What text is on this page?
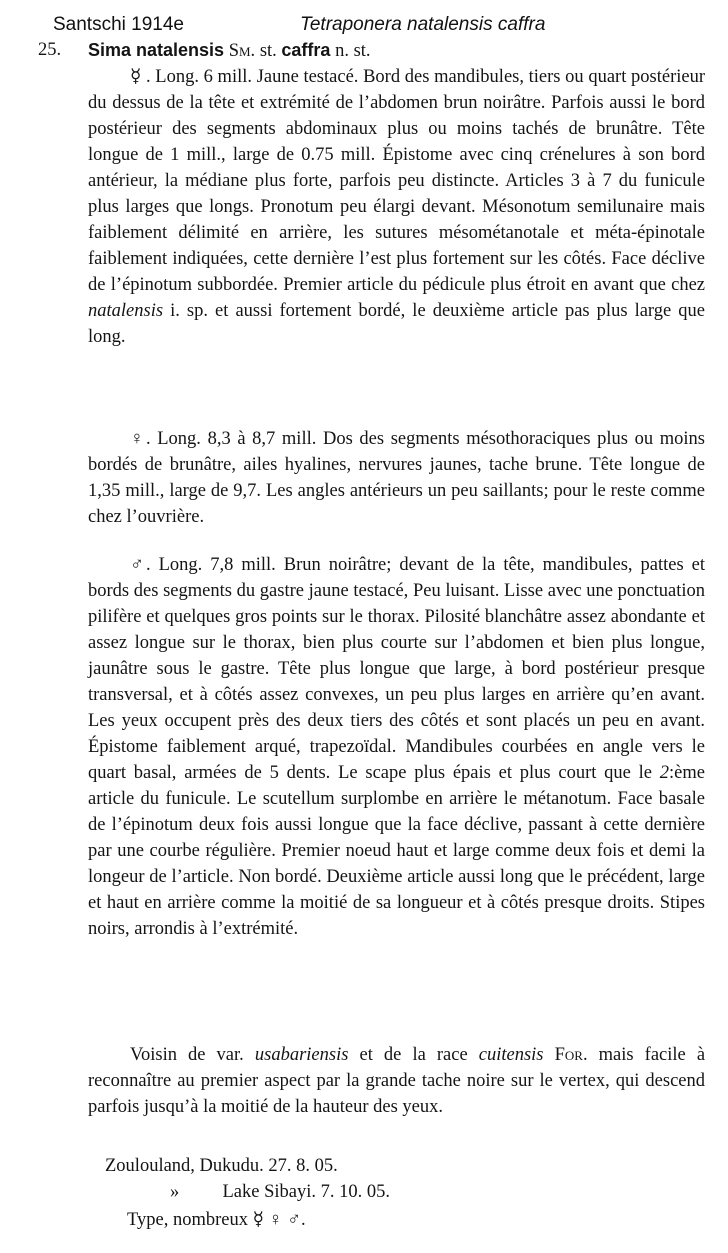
Santschi 1914e	Tetraponera natalensis caffra
25. Sima natalensis Sm. st. caffra n. st.
☿ . Long. 6 mill. Jaune testacé. Bord des mandibules, tiers ou quart postérieur du dessus de la tête et extrémité de l’abdomen brun noirâtre. Parfois aussi le bord postérieur des segments abdominaux plus ou moins tachés de brunâtre. Tête longue de 1 mill., large de 0.75 mill. Épistome avec cinq crénelures à son bord antérieur, la médiane plus forte, parfois peu distincte. Articles 3 à 7 du funicule plus larges que longs. Pronotum peu élargi devant. Mésonotum semilunaire mais faiblement délimité en arrière, les sutures mésométanotale et méta-épinotale faiblement indiquées, cette dernière l’est plus fortement sur les côtés. Face déclive de l’épinotum subbordée. Premier article du pédicule plus étroit en avant que chez natalensis i. sp. et aussi fortement bordé, le deuxième article pas plus large que long.
♀ . Long. 8,3 à 8,7 mill. Dos des segments mésothoraciques plus ou moins bordés de brunâtre, ailes hyalines, nervures jaunes, tache brune. Tête longue de 1,35 mill., large de 9,7. Les angles antérieurs un peu saillants; pour le reste comme chez l’ouvrière.
♂ . Long. 7,8 mill. Brun noirâtre; devant de la tête, mandibules, pattes et bords des segments du gastre jaune testacé, Peu luisant. Lisse avec une ponctuation pilifère et quelques gros points sur le thorax. Pilosité blanchâtre assez abondante et assez longue sur le thorax, bien plus courte sur l’abdomen et bien plus longue, jaunâtre sous le gastre. Tête plus longue que large, à bord postérieur presque transversal, et à côtés assez convexes, un peu plus larges en arrière qu’en avant. Les yeux occupent près des deux tiers des côtés et sont placés un peu en avant. Épistome faiblement arqué, trapezoïdal. Mandibules courbées en angle vers le quart basal, armées de 5 dents. Le scape plus épais et plus court que le 2:ème article du funicule. Le scutellum surplombe en arrière le métanotum. Face basale de l’épinotum deux fois aussi longue que la face déclive, passant à cette dernière par une courbe régulière. Premier noeud haut et large comme deux fois et demi la longeur de l’article. Non bordé. Deuxième article aussi long que le précédent, large et haut en arrière comme la moitié de sa longueur et à côtés presque droits. Stipes noirs, arrondis à l’extrémité.
Voisin de var. usabariensis et de la race cuitensis For. mais facile à reconnaître au premier aspect par la grande tache noire sur le vertex, qui descend parfois jusqu’à la moitié de la hauteur des yeux.
Zoulouland, Dukudu. 27. 8. 05.
» Lake Sibayi. 7. 10. 05.
Type, nombreux ☿ ♀ ♂.
